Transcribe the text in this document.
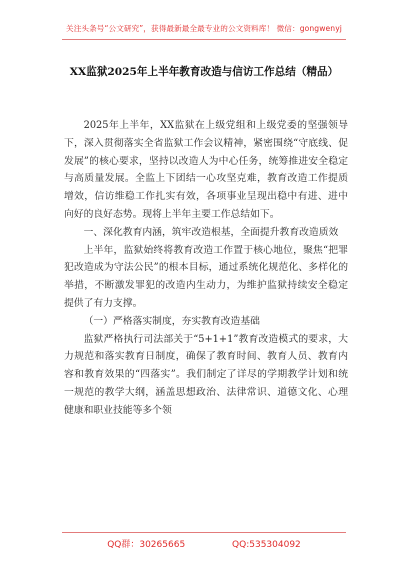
关注头条号“公文研究”，获得最新最全最专业的公文资料库！ 微信：gongwenyj
XX监狱2025年上半年教育改造与信访工作总结（精品）

2025年上半年，XX监狱在上级党组和上级党委的坚强领导下，深入贯彻落实全省监狱工作会议精神，紧密围绕“守底线、促发展”的核心要求，坚持以改造人为中心任务，统筹推进安全稳定与高质量发展。全监上下团结一心攻坚克难，教育改造工作提质增效，信访维稳工作扎实有效，各项事业呈现出稳中有进、进中向好的良好态势。现将上半年主要工作总结如下。

一、深化教育内涵，筑牢改造根基，全面提升教育改造质效

上半年，监狱始终将教育改造工作置于核心地位，聚焦“把罪犯改造成为守法公民”的根本目标，通过系统化规范化、多样化的举措，不断激发罪犯的改造内生动力，为维护监狱持续安全稳定提供了有力支撑。

（一）严格落实制度，夯实教育改造基础

监狱严格执行司法部关于“5+1+1”教育改造模式的要求，大力规范和落实教育日制度，确保了教育时间、教育人员、教育内容和教育效果的“四落实”。我们制定了详尽的学期教学计划和统一规范的教学大纲，涵盖思想政治、法律常识、道德文化、心理健康和职业技能等多个领

QQ群：30265665	QQ:535304092
